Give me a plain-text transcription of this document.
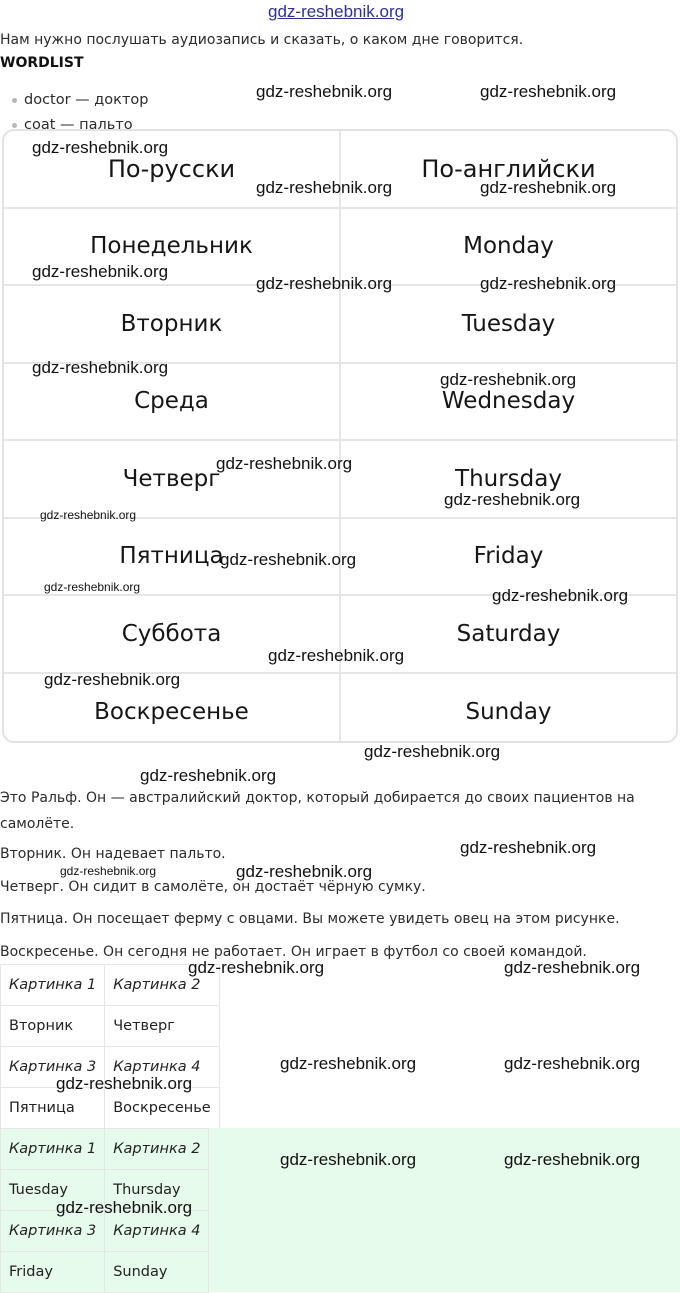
gdz-reshebnik.org

Нам нужно послушать аудиозапись и сказать, о каком дне говорится.

WORDLIST
doctor — доктор
coat — пальто
По-русски	По-английски
Понедельник	Monday
Вторник	Tuesday
Среда	Wednesday
Четверг	Thursday
Пятница	Friday
Суббота	Saturday
Воскресенье	Sunday

Это Ральф. Он — австралийский доктор, который добирается до своих пациентов на самолёте.

Вторник. Он надевает пальто.

Четверг. Он сидит в самолёте, он достаёт чёрную сумку.

Пятница. Он посещает ферму с овцами. Вы можете увидеть овец на этом рисунке.

Воскресенье. Он сегодня не работает. Он играет в футбол со своей командой.

Картинка 1	Картинка 2
Вторник	Четверг
Картинка 3	Картинка 4
Пятница	Воскресенье
Картинка 1	Картинка 2
Tuesday	Thursday
Картинка 3	Картинка 4
Friday	Sunday
gdz-reshebnik.org	gdz-reshebnik.org
gdz-reshebnik.org
gdz-reshebnik.org	gdz-reshebnik.org
gdz-reshebnik.org
gdz-reshebnik.org	gdz-reshebnik.org
gdz-reshebnik.org
gdz-reshebnik.org
gdz-reshebnik.org
gdz-reshebnik.org
gdz-reshebnik.org
gdz-reshebnik.org
gdz-reshebnik.org	gdz-reshebnik.org
gdz-reshebnik.org
gdz-reshebnik.org
gdz-reshebnik.org
gdz-reshebnik.org
gdz-reshebnik.org
gdz-reshebnik.org	gdz-reshebnik.org
gdz-reshebnik.org	gdz-reshebnik.org
gdz-reshebnik.org	gdz-reshebnik.org
gdz-reshebnik.org
gdz-reshebnik.org	gdz-reshebnik.org
gdz-reshebnik.org
